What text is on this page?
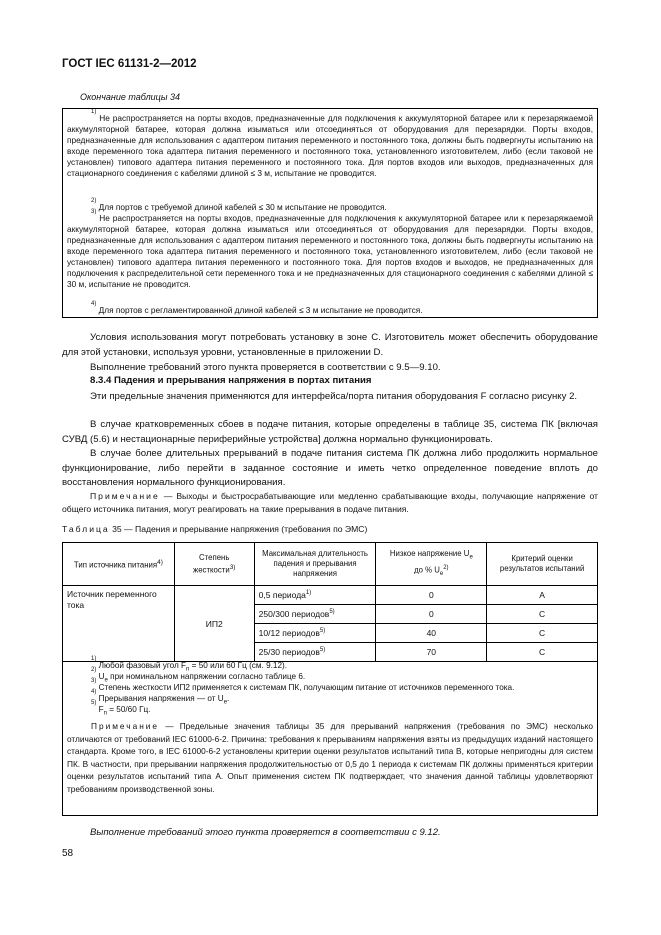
ГОСТ IEC 61131-2—2012
Окончание таблицы 34
$^{1)}$ Не распространяется на порты входов, предназначенные для подключения к аккумуляторной батарее или к перезаряжаемой аккумуляторной батарее, которая должна изыматься или отсоединяться от оборудования для перезарядки. Порты входов, предназначенные для использования с адаптером питания переменного и постоянного тока, должны быть подвергнуты испытанию на входе переменного тока адаптера питания переменного и постоянного тока, установленного изготовителем, либо (если таковой не установлен) типового адаптера питания переменного и постоянного тока. Для портов входов или выходов, предназначенных для стационарного соединения с кабелями длиной ≤ 3 м, испытание не проводится.
$^{2)}$ Для портов с требуемой длиной кабелей ≤ 30 м испытание не проводится.
$^{3)}$ Не распространяется на порты входов, предназначенные для подключения к аккумуляторной батарее или к перезаряжаемой аккумуляторной батарее, которая должна изыматься или отсоединяться от оборудования для перезарядки. Порты входов, предназначенные для использования с адаптером питания переменного и постоянного тока, должны быть подвергнуты испытанию на входе переменного тока адаптера питания переменного и постоянного тока, установленного изготовителем, либо (если таковой не установлен) типового адаптера питания переменного и постоянного тока. Для портов входов и выходов, не предназначенных для подключения к распределительной сети переменного тока и не предназначенных для стационарного соединения с кабелями длиной ≤ 30 м, испытание не проводится.
$^{4)}$ Для портов с регламентированной длиной кабелей ≤ 3 м испытание не проводится.
Условия использования могут потребовать установку в зоне С. Изготовитель может обеспечить оборудование для этой установки, используя уровни, установленные в приложении D.
Выполнение требований этого пункта проверяется в соответствии с 9.5—9.10.
8.3.4 Падения и прерывания напряжения в портах питания
Эти предельные значения применяются для интерфейса/порта питания оборудования F согласно рисунку 2.
В случае кратковременных сбоев в подаче питания, которые определены в таблице 35, система ПК [включая СУВД (5.6) и нестационарные периферийные устройства] должна нормально функционировать.
В случае более длительных прерываний в подаче питания система ПК должна либо продолжить нормальное функционирование, либо перейти в заданное состояние и иметь четко определенное поведение вплоть до восстановления нормального функционирования.
Примечание — Выходы и быстросрабатывающие или медленно срабатывающие входы, получающие напряжение от общего источника питания, могут реагировать на такие прерывания в подаче питания.
Таблица 35 — Падения и прерывание напряжения (требования по ЭМС)
Тип источника питания$^{4)}$	Степень жесткости$^{3)}$	Максимальная длительность падения и прерывания напряжения	Низкое напряжение $U_e$
до % $U_e^{2)}$	Критерий оценки результатов испытаний
Источник переменного тока	ИП2	0,5 периода$^{1)}$	0	A
		250/300 периодов$^{5)}$	0	C
		10/12 периодов$^{5)}$	40	C
		25/30 периодов$^{5)}$	70	C
$^{1)}$ Любой фазовый угол $F_n = 50$ или 60 Гц (см. 9.12).
$^{2)}$ $U_e$ при номинальном напряжении согласно таблице 6.
$^{3)}$ Степень жесткости ИП2 применяется к системам ПК, получающим питание от источников переменного тока.
$^{4)}$ Прерывания напряжения — от $U_e$.
$^{5)}$ $F_n = 50/60$ Гц.
Примечание — Предельные значения таблицы 35 для прерываний напряжения (требования по ЭМС) несколько отличаются от требований IEC 61000-6-2. Причина: требования к прерываниям напряжения взяты из предыдущих изданий настоящего стандарта. Кроме того, в IEC 61000-6-2 установлены критерии оценки результатов испытаний типа В, которые непригодны для систем ПК. В частности, при прерывании напряжения продолжительностью от 0,5 до 1 периода к системам ПК должны применяться критерии оценки результатов испытаний типа А. Опыт применения систем ПК подтверждает, что значения данной таблицы удовлетворяют требованиям производственной зоны.
Выполнение требований этого пункта проверяется в соответствии с 9.12.
58
